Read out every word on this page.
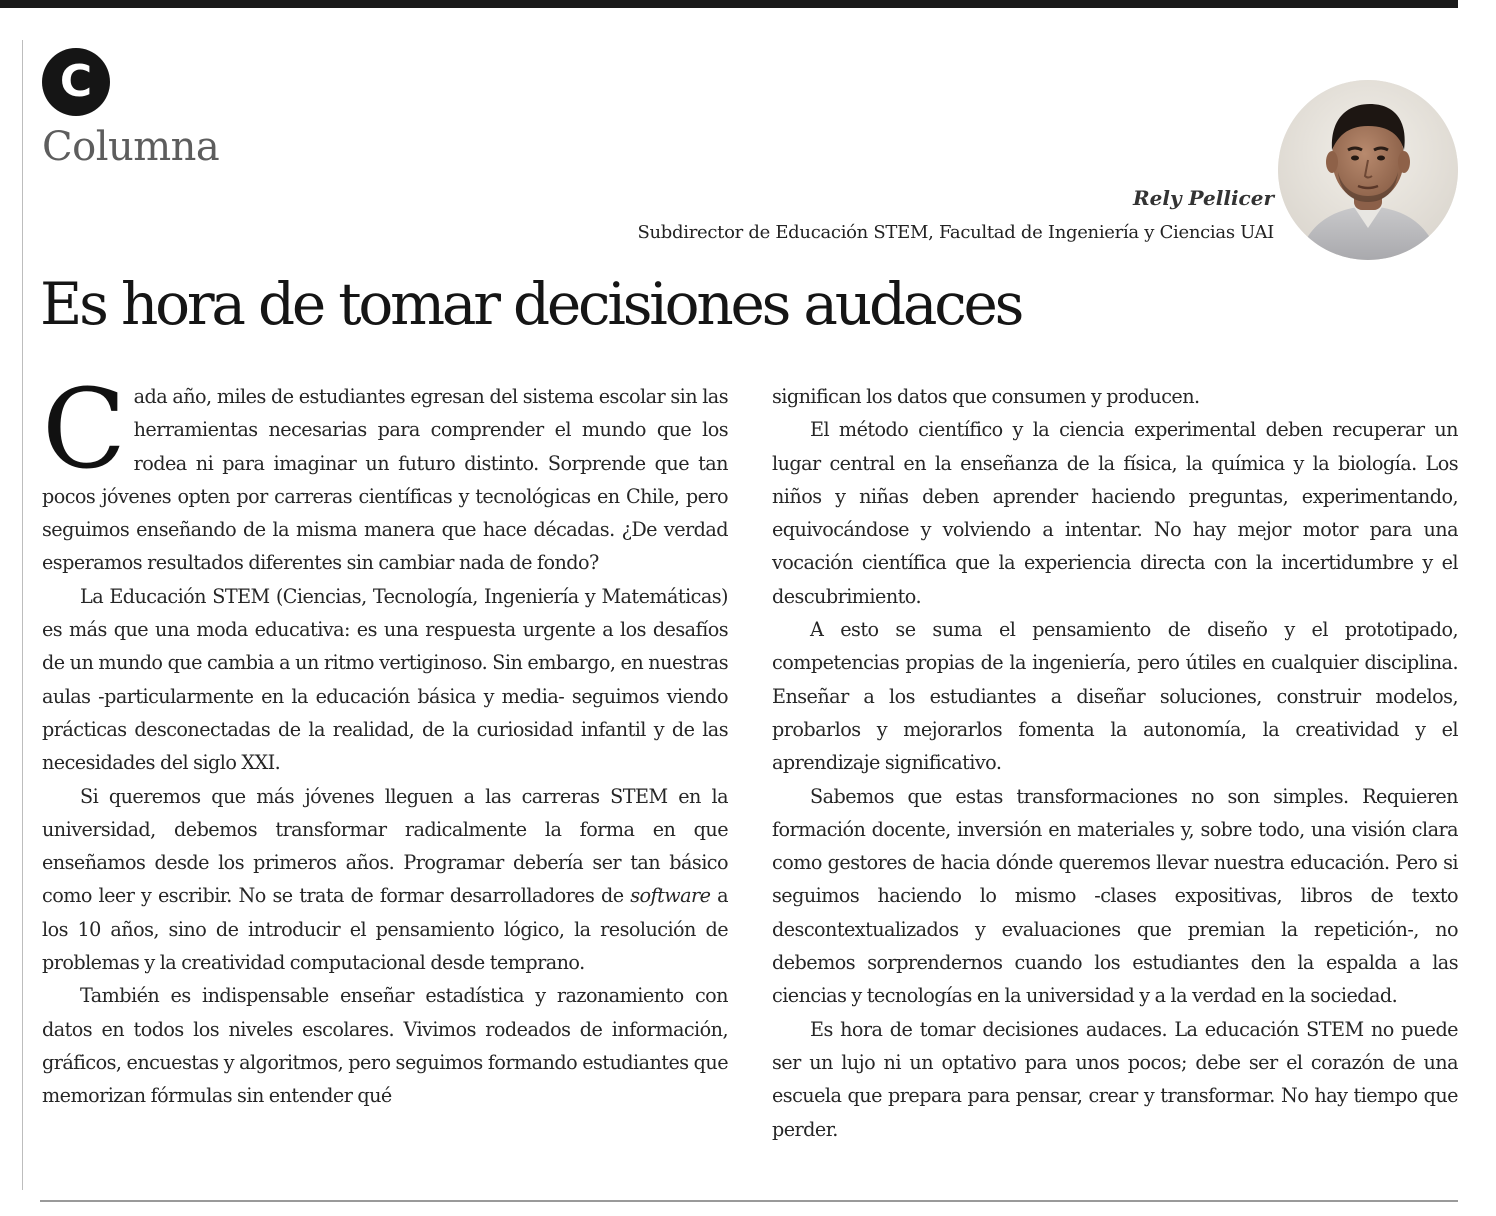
C
Columna
Rely Pellicer
Subdirector de Educación STEM, Facultad de Ingeniería y Ciencias UAI
Es hora de tomar decisiones audaces

Cada año, miles de estudiantes egresan del sistema escolar sin las herramientas necesarias para comprender el mundo que los rodea ni para imaginar un futuro distinto. Sorprende que tan pocos jóvenes opten por carreras científicas y tecnológicas en Chile, pero seguimos enseñando de la misma manera que hace décadas. ¿De verdad esperamos resultados diferentes sin cambiar nada de fondo?

La Educación STEM (Ciencias, Tecnología, Ingeniería y Matemáticas) es más que una moda educativa: es una respuesta urgente a los desafíos de un mundo que cambia a un ritmo vertiginoso. Sin embargo, en nuestras aulas -particularmente en la educación básica y media- seguimos viendo prácticas desconectadas de la realidad, de la curiosidad infantil y de las necesidades del siglo XXI.

Si queremos que más jóvenes lleguen a las carreras STEM en la universidad, debemos transformar radicalmente la forma en que enseñamos desde los primeros años. Programar debería ser tan básico como leer y escribir. No se trata de formar desarrolladores de software a los 10 años, sino de introducir el pensamiento lógico, la resolución de problemas y la creatividad computacional desde temprano.

También es indispensable enseñar estadística y razonamiento con datos en todos los niveles escolares. Vivimos rodeados de información, gráficos, encuestas y algoritmos, pero seguimos formando estudiantes que memorizan fórmulas sin entender qué

significan los datos que consumen y producen.

El método científico y la ciencia experimental deben recuperar un lugar central en la enseñanza de la física, la química y la biología. Los niños y niñas deben aprender haciendo preguntas, experimentando, equivocándose y volviendo a intentar. No hay mejor motor para una vocación científica que la experiencia directa con la incertidumbre y el descubrimiento.

A esto se suma el pensamiento de diseño y el prototipado, competencias propias de la ingeniería, pero útiles en cualquier disciplina. Enseñar a los estudiantes a diseñar soluciones, construir modelos, probarlos y mejorarlos fomenta la autonomía, la creatividad y el aprendizaje significativo.

Sabemos que estas transformaciones no son simples. Requieren formación docente, inversión en materiales y, sobre todo, una visión clara como gestores de hacia dónde queremos llevar nuestra educación. Pero si seguimos haciendo lo mismo -clases expositivas, libros de texto descontextualizados y evaluaciones que premian la repetición-, no debemos sorprendernos cuando los estudiantes den la espalda a las ciencias y tecnologías en la universidad y a la verdad en la sociedad.

Es hora de tomar decisiones audaces. La educación STEM no puede ser un lujo ni un optativo para unos pocos; debe ser el corazón de una escuela que prepara para pensar, crear y transformar. No hay tiempo que perder.
